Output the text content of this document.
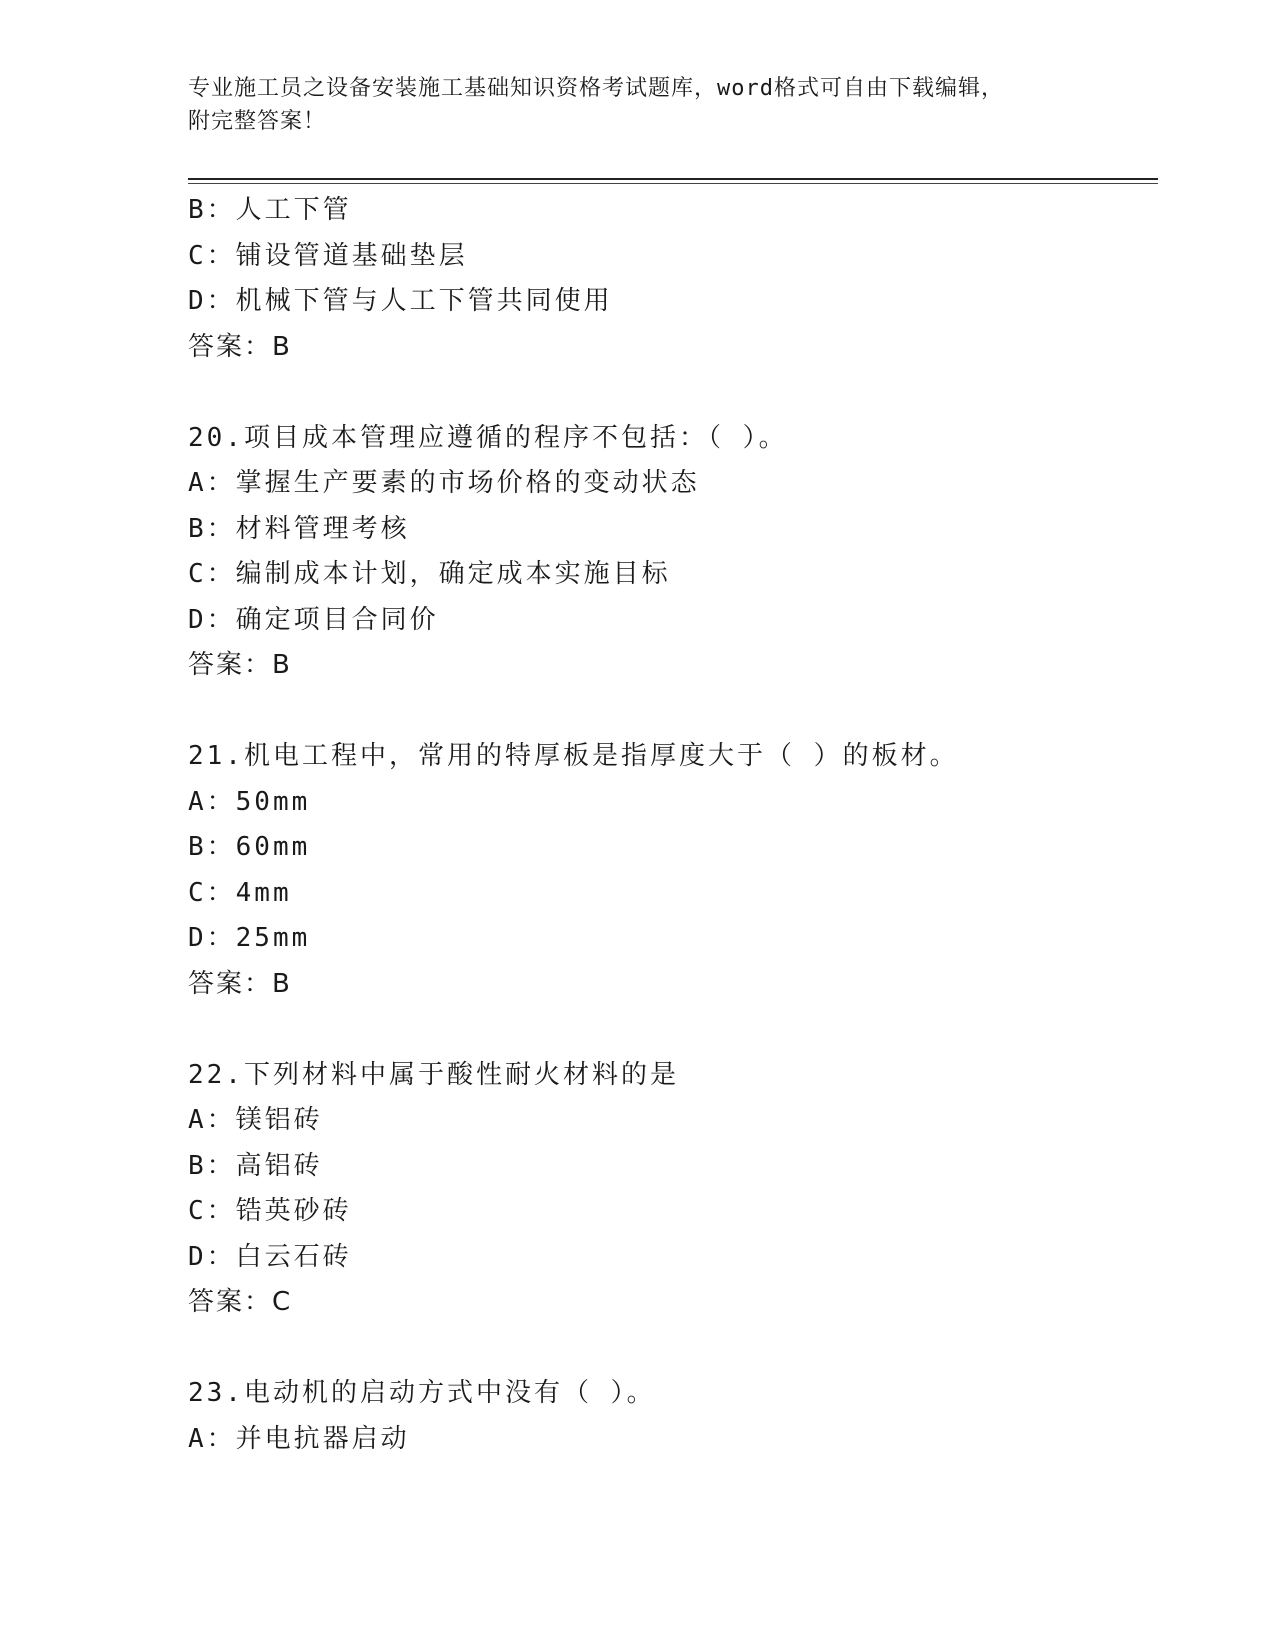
专业施工员之设备安装施工基础知识资格考试题库，word格式可自由下载编辑，
附完整答案！
B：人工下管
C：铺设管道基础垫层
D：机械下管与人工下管共同使用
答案：B
20.项目成本管理应遵循的程序不包括：（ ）。
A：掌握生产要素的市场价格的变动状态
B：材料管理考核
C：编制成本计划，确定成本实施目标
D：确定项目合同价
答案：B
21.机电工程中，常用的特厚板是指厚度大于（ ）的板材。
A：50mm
B：60mm
C：4mm
D：25mm
答案：B
22.下列材料中属于酸性耐火材料的是
A：镁铝砖
B：高铝砖
C：锆英砂砖
D：白云石砖
答案：C
23.电动机的启动方式中没有（ ）。
A：并电抗器启动
